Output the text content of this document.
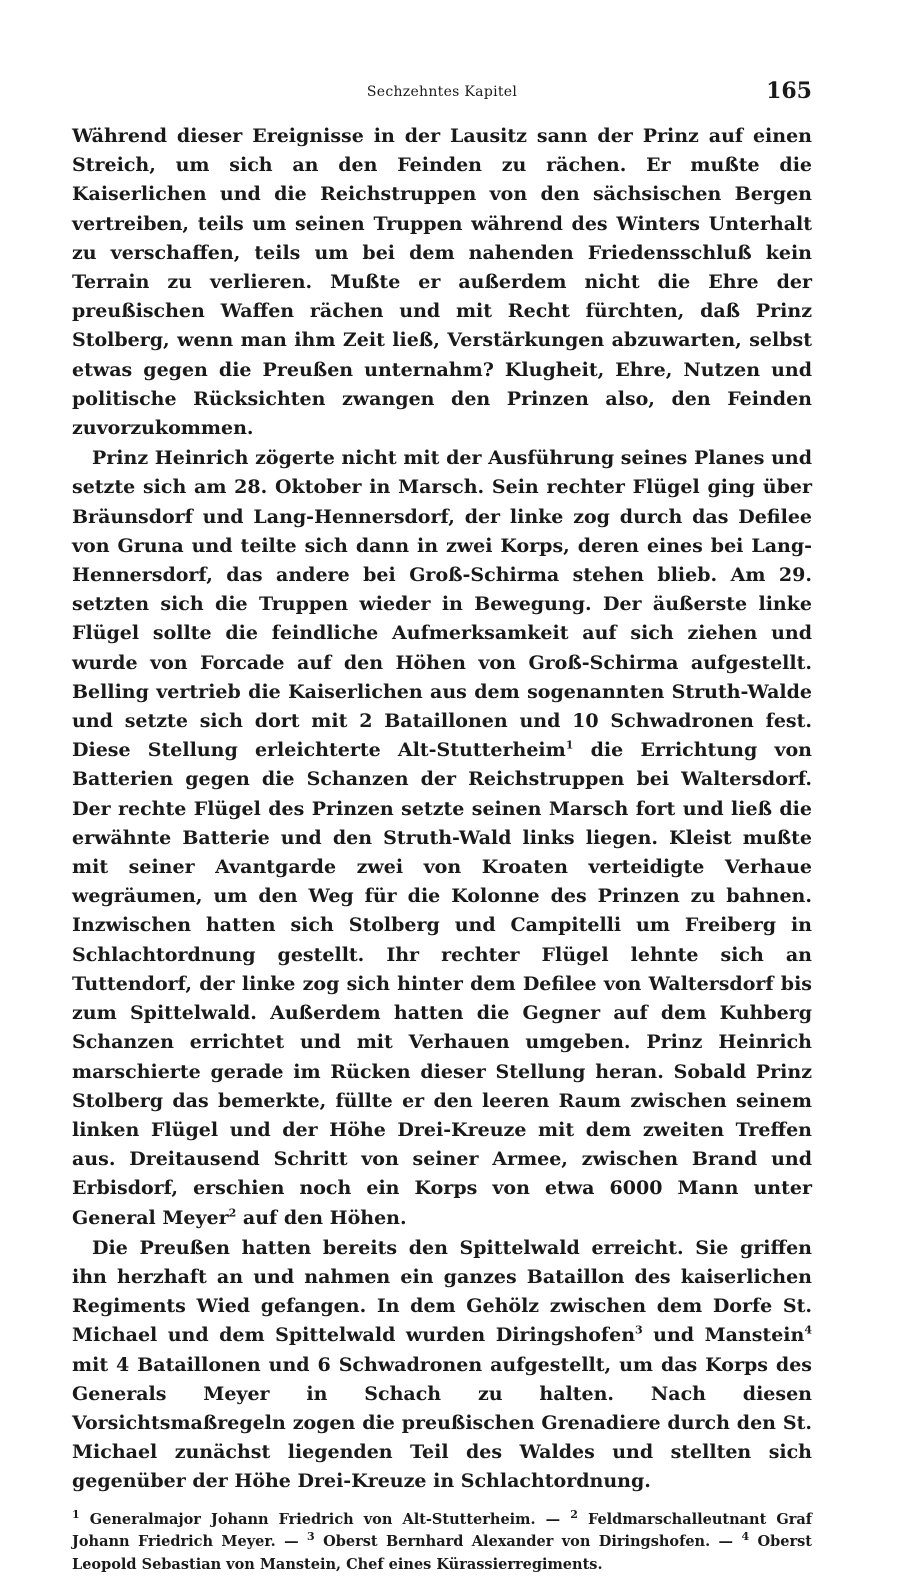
Sechzehntes Kapitel	165

Während dieser Ereignisse in der Lausitz sann der Prinz auf einen Streich, um sich an den Feinden zu rächen. Er mußte die Kaiserlichen und die Reichstruppen von den sächsischen Bergen vertreiben, teils um seinen Truppen während des Winters Unterhalt zu verschaffen, teils um bei dem nahenden Friedensschluß kein Terrain zu verlieren. Mußte er außerdem nicht die Ehre der preußischen Waffen rächen und mit Recht fürchten, daß Prinz Stolberg, wenn man ihm Zeit ließ, Verstärkungen abzuwarten, selbst etwas gegen die Preußen unternahm? Klugheit, Ehre, Nutzen und politische Rücksichten zwangen den Prinzen also, den Feinden zuvorzukommen.

Prinz Heinrich zögerte nicht mit der Ausführung seines Planes und setzte sich am 28. Oktober in Marsch. Sein rechter Flügel ging über Bräunsdorf und Lang-Hennersdorf, der linke zog durch das Defilee von Gruna und teilte sich dann in zwei Korps, deren eines bei Lang-Hennersdorf, das andere bei Groß-Schirma stehen blieb. Am 29. setzten sich die Truppen wieder in Bewegung. Der äußerste linke Flügel sollte die feindliche Aufmerksamkeit auf sich ziehen und wurde von Forcade auf den Höhen von Groß-Schirma aufgestellt. Belling vertrieb die Kaiserlichen aus dem sogenannten Struth-Walde und setzte sich dort mit 2 Bataillonen und 10 Schwadronen fest. Diese Stellung erleichterte Alt-Stutterheim$^1$ die Errichtung von Batterien gegen die Schanzen der Reichstruppen bei Waltersdorf. Der rechte Flügel des Prinzen setzte seinen Marsch fort und ließ die erwähnte Batterie und den Struth-Wald links liegen. Kleist mußte mit seiner Avantgarde zwei von Kroaten verteidigte Verhaue wegräumen, um den Weg für die Kolonne des Prinzen zu bahnen. Inzwischen hatten sich Stolberg und Campitelli um Freiberg in Schlachtordnung gestellt. Ihr rechter Flügel lehnte sich an Tuttendorf, der linke zog sich hinter dem Defilee von Waltersdorf bis zum Spittelwald. Außerdem hatten die Gegner auf dem Kuhberg Schanzen errichtet und mit Verhauen umgeben. Prinz Heinrich marschierte gerade im Rücken dieser Stellung heran. Sobald Prinz Stolberg das bemerkte, füllte er den leeren Raum zwischen seinem linken Flügel und der Höhe Drei-Kreuze mit dem zweiten Treffen aus. Dreitausend Schritt von seiner Armee, zwischen Brand und Erbisdorf, erschien noch ein Korps von etwa 6000 Mann unter General Meyer$^2$ auf den Höhen.

Die Preußen hatten bereits den Spittelwald erreicht. Sie griffen ihn herzhaft an und nahmen ein ganzes Bataillon des kaiserlichen Regiments Wied gefangen. In dem Gehölz zwischen dem Dorfe St. Michael und dem Spittelwald wurden Diringshofen$^3$ und Manstein$^4$ mit 4 Bataillonen und 6 Schwadronen aufgestellt, um das Korps des Generals Meyer in Schach zu halten. Nach diesen Vorsichtsmaßregeln zogen die preußischen Grenadiere durch den St. Michael zunächst liegenden Teil des Waldes und stellten sich gegenüber der Höhe Drei-Kreuze in Schlachtordnung.

$^1$ Generalmajor Johann Friedrich von Alt-Stutterheim. — $^2$ Feldmarschalleutnant Graf Johann Friedrich Meyer. — $^3$ Oberst Bernhard Alexander von Diringshofen. — $^4$ Oberst Leopold Sebastian von Manstein, Chef eines Kürassierregiments.
